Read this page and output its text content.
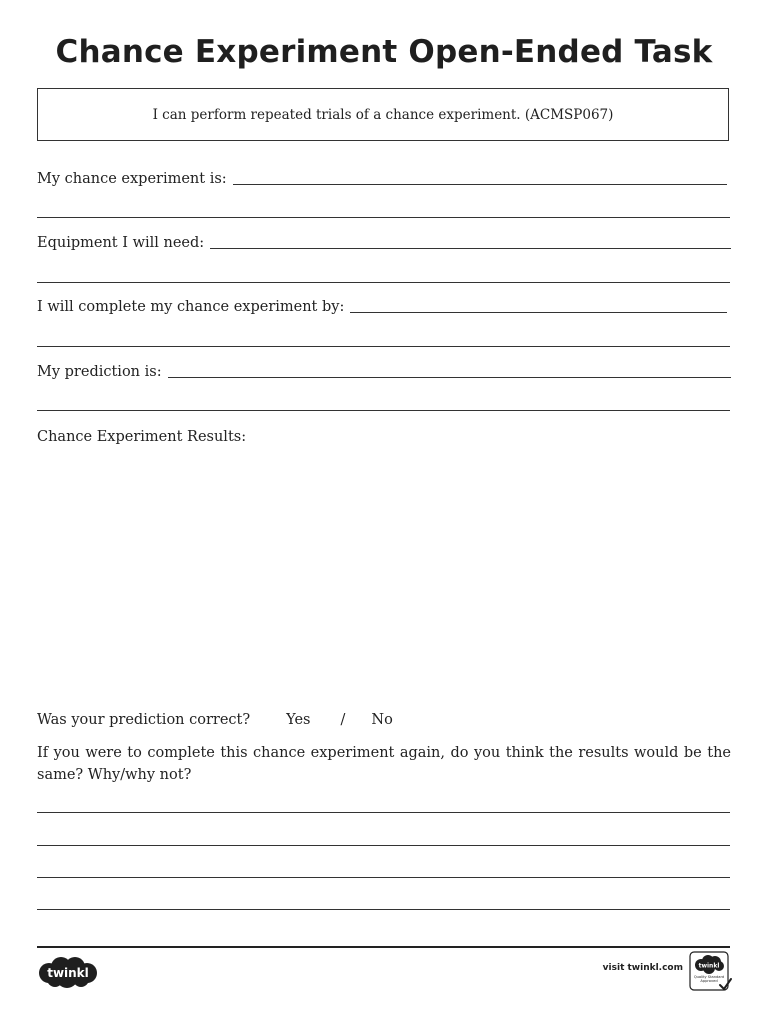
Chance Experiment Open-Ended Task
I can perform repeated trials of a chance experiment. (ACMSP067)
My chance experiment is:
Equipment I will need:
I will complete my chance experiment by:
My prediction is:
Chance Experiment Results:
Was your prediction correct? Yes / No

If you were to complete this chance experiment again, do you think the results would be the same? Why/why not?

twinkl	visit twinkl.com	twinkl
Quality Standard Approved
